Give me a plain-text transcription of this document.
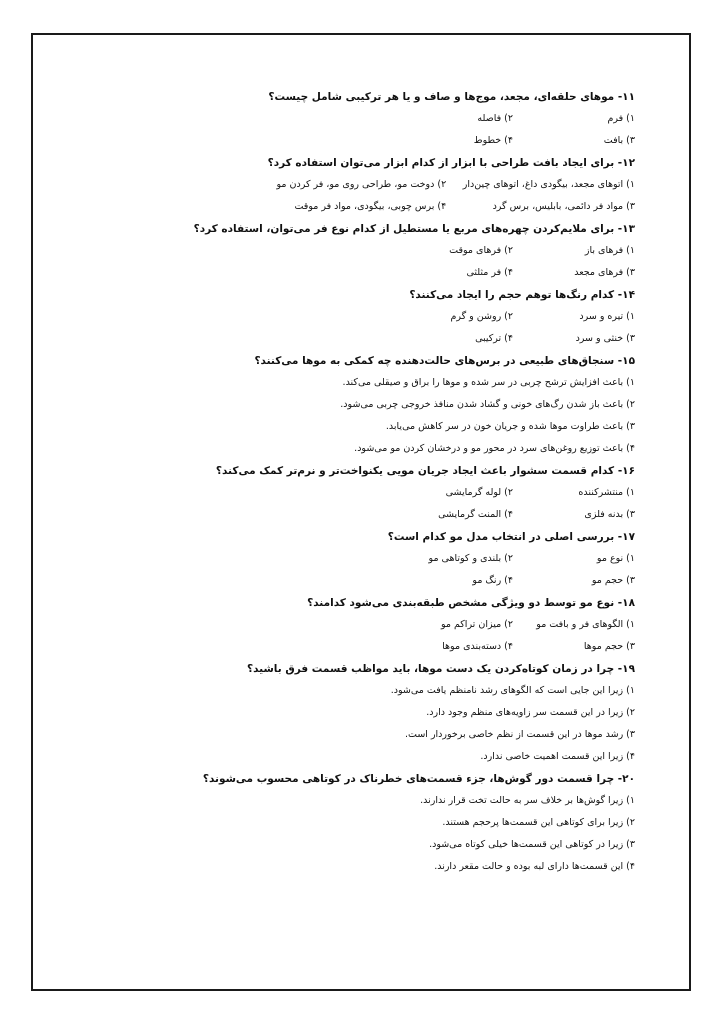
۱۱- موهای حلقه‌ای، مجعد، موج‌ها و صاف و یا هر ترکیبی شامل چیست؟
۱) فرم
۲) فاصله
۳) بافت
۴) خطوط
۱۲- برای ایجاد بافت طراحی با ابزار از کدام ابزار می‌توان استفاده کرد؟
۱) اتوهای مجعد، بیگودی داغ، اتوهای چین‌دار
۲) دوخت مو، طراحی روی مو، فر کردن مو
۳) مواد فر دائمی، بابلیس، برس گرد
۴) برس چوبی، بیگودی، مواد فر موقت
۱۳- برای ملایم‌کردن چهره‌های مربع یا مستطیل از کدام نوع فر می‌توان، استفاده کرد؟
۱) فرهای باز
۲) فرهای موقت
۳) فرهای مجعد
۴) فر مثلثی
۱۴- کدام رنگ‌ها توهم حجم را ایجاد می‌کنند؟
۱) تیره و سرد
۲) روشن و گرم
۳) خنثی و سرد
۴) ترکیبی
۱۵- سنجاق‌های طبیعی در برس‌های حالت‌دهنده چه کمکی به موها می‌کنند؟
۱) باعث افزایش ترشح چربی در سر شده و موها را براق و صیقلی می‌کند.
۲) باعث باز شدن رگ‌های خونی و گشاد شدن منافذ خروجی چربی می‌شود.
۳) باعث طراوت موها شده و جریان خون در سر کاهش می‌یابد.
۴) باعث توزیع روغن‌های سرد در محور مو و درخشان کردن مو می‌شود.
۱۶- کدام قسمت سشوار باعث ایجاد جریان مویی یکنواخت‌تر و نرم‌تر کمک می‌کند؟
۱) منتشرکننده
۲) لوله گرمایشی
۳) بدنه فلزی
۴) المنت گرمایشی
۱۷- بررسی اصلی در انتخاب مدل مو کدام است؟
۱) نوع مو
۲) بلندی و کوتاهی مو
۳) حجم مو
۴) رنگ مو
۱۸- نوع مو توسط دو ویژگی مشخص طبقه‌بندی می‌شود کدامند؟
۱) الگوهای فر و بافت مو
۲) میزان تراکم مو
۳) حجم موها
۴) دسته‌بندی موها
۱۹- چرا در زمان کوتاه‌کردن یک دست موها، باید مواظب قسمت فرق باشید؟
۱) زیرا این جایی است که الگوهای رشد نامنظم یافت می‌شود.
۲) زیرا در این قسمت سر زاویه‌های منظم وجود دارد.
۳) رشد موها در این قسمت از نظم خاصی برخوردار است.
۴) زیرا این قسمت اهمیت خاصی ندارد.
۲۰- چرا قسمت دور گوش‌ها، جزء قسمت‌های خطرناک در کوتاهی محسوب می‌شوند؟
۱) زیرا گوش‌ها بر خلاف سر به حالت تخت قرار ندارند.
۲) زیرا برای کوتاهی این قسمت‌ها پرحجم هستند.
۳) زیرا در کوتاهی این قسمت‌ها خیلی کوتاه می‌شود.
۴) این قسمت‌ها دارای لبه بوده و حالت مقعر دارند.
